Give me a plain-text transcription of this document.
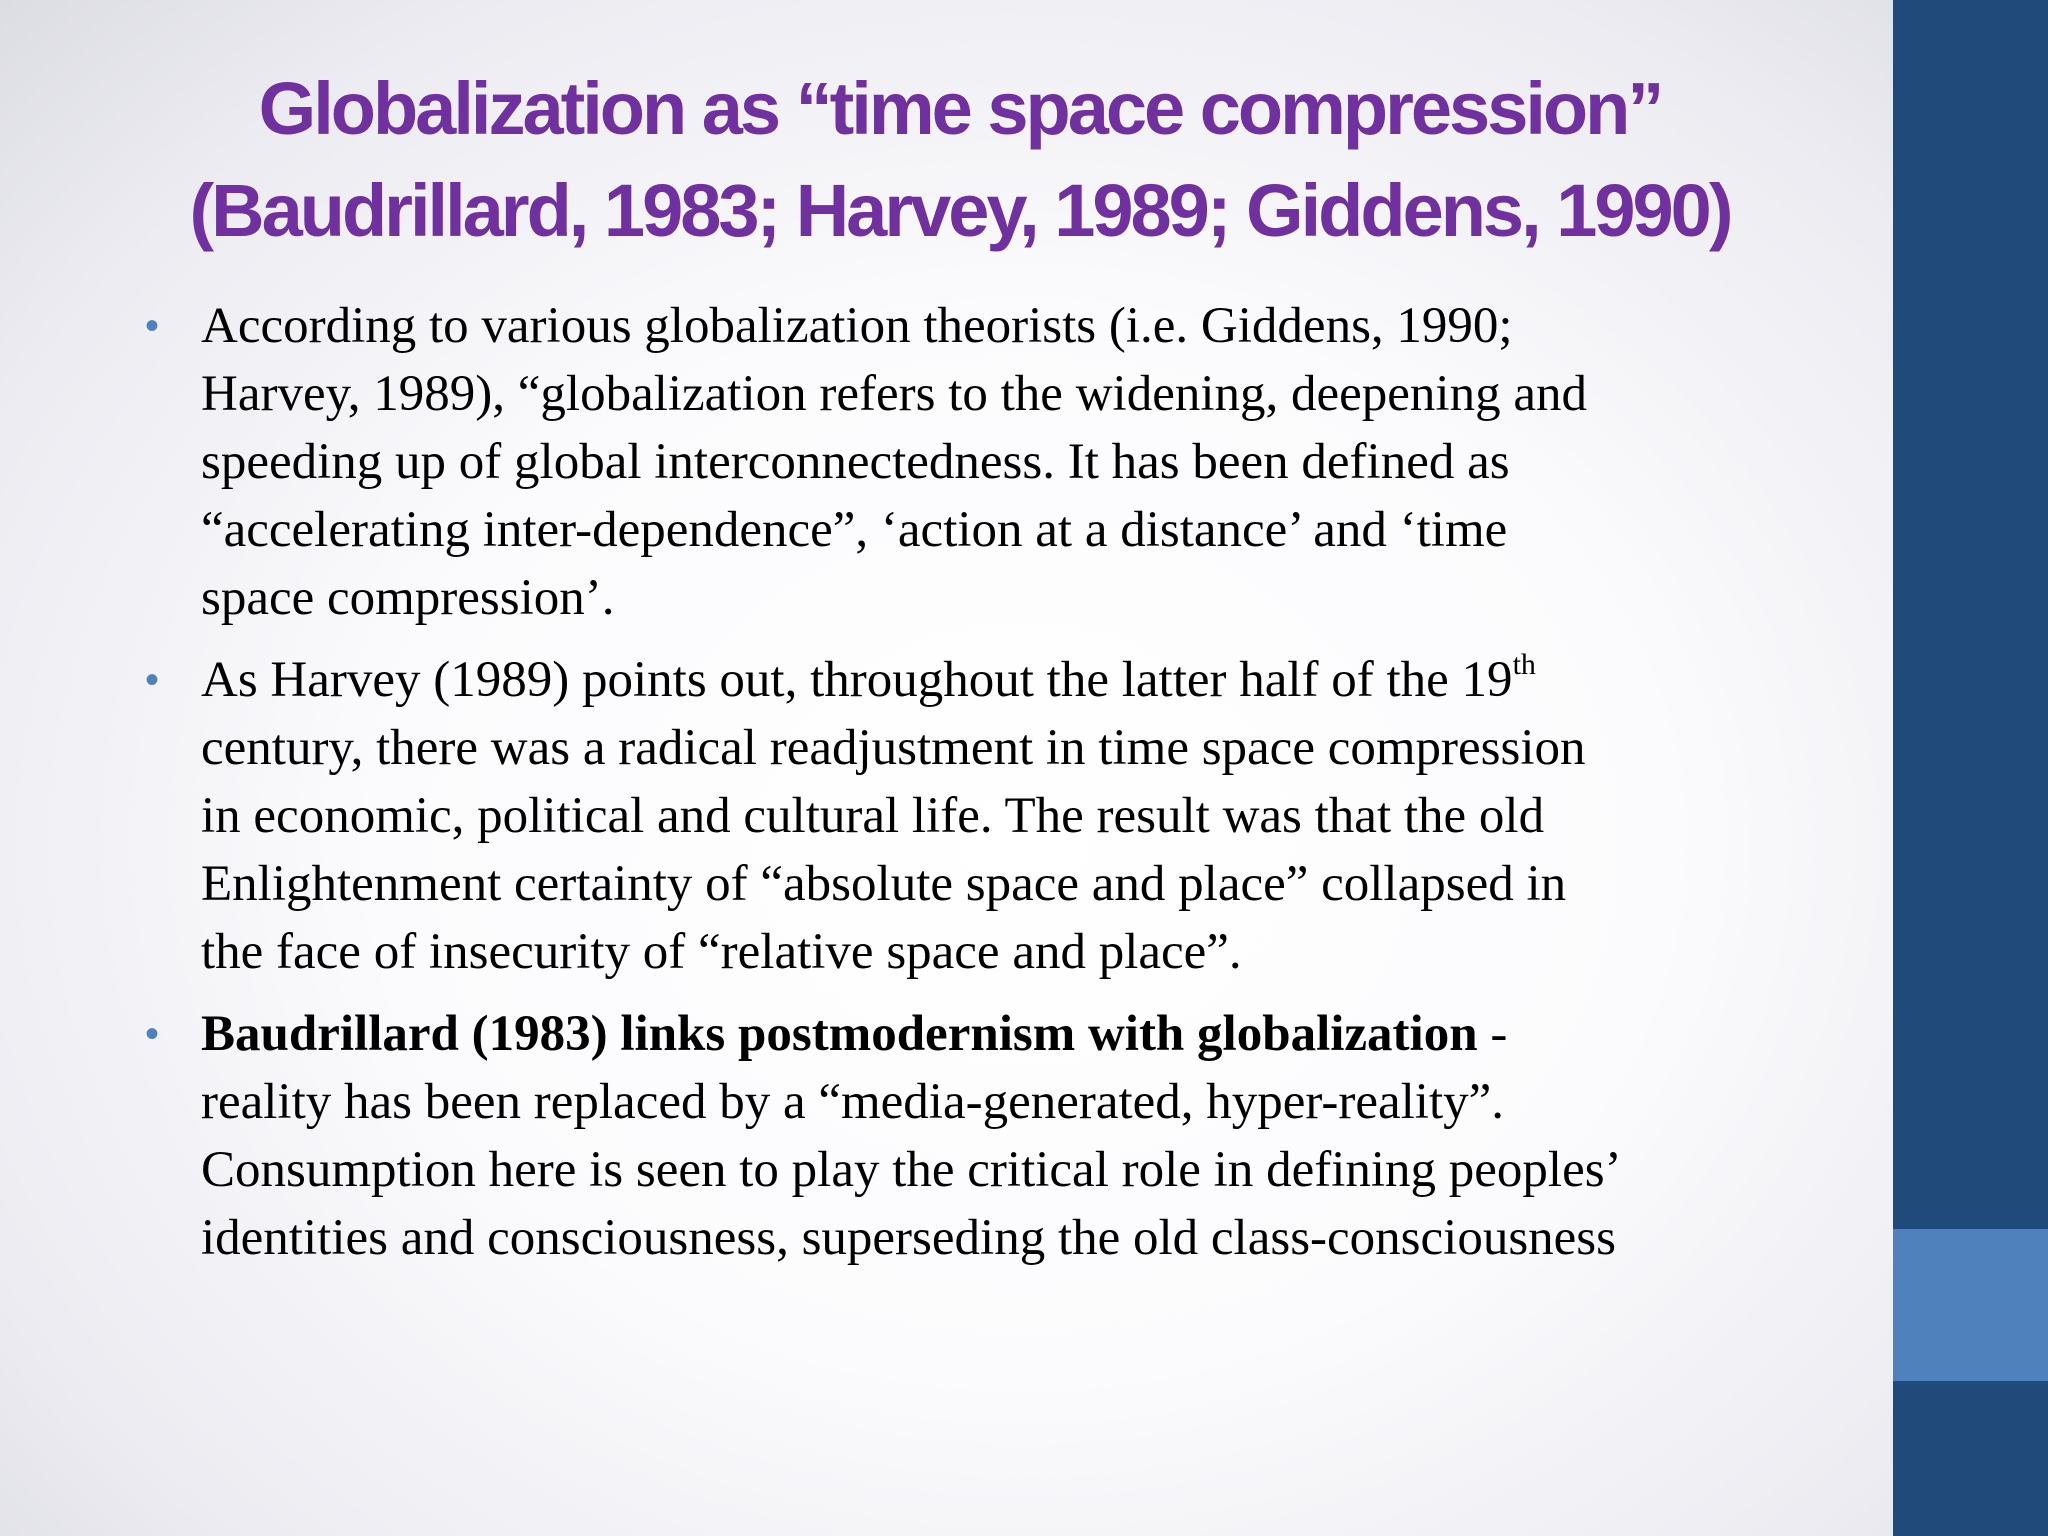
Globalization as “time space compression”
(Baudrillard, 1983; Harvey, 1989; Giddens, 1990)
• According to various globalization theorists (i.e. Giddens, 1990;
Harvey, 1989), “globalization refers to the widening, deepening and
speeding up of global interconnectedness. It has been defined as
“accelerating inter-dependence”, ‘action at a distance’ and ‘time
space compression’.
• As Harvey (1989) points out, throughout the latter half of the 19th
century, there was a radical readjustment in time space compression
in economic, political and cultural life. The result was that the old
Enlightenment certainty of “absolute space and place” collapsed in
the face of insecurity of “relative space and place”.
• Baudrillard (1983) links postmodernism with globalization -
reality has been replaced by a “media-generated, hyper-reality”.
Consumption here is seen to play the critical role in defining peoples’
identities and consciousness, superseding the old class-consciousness
